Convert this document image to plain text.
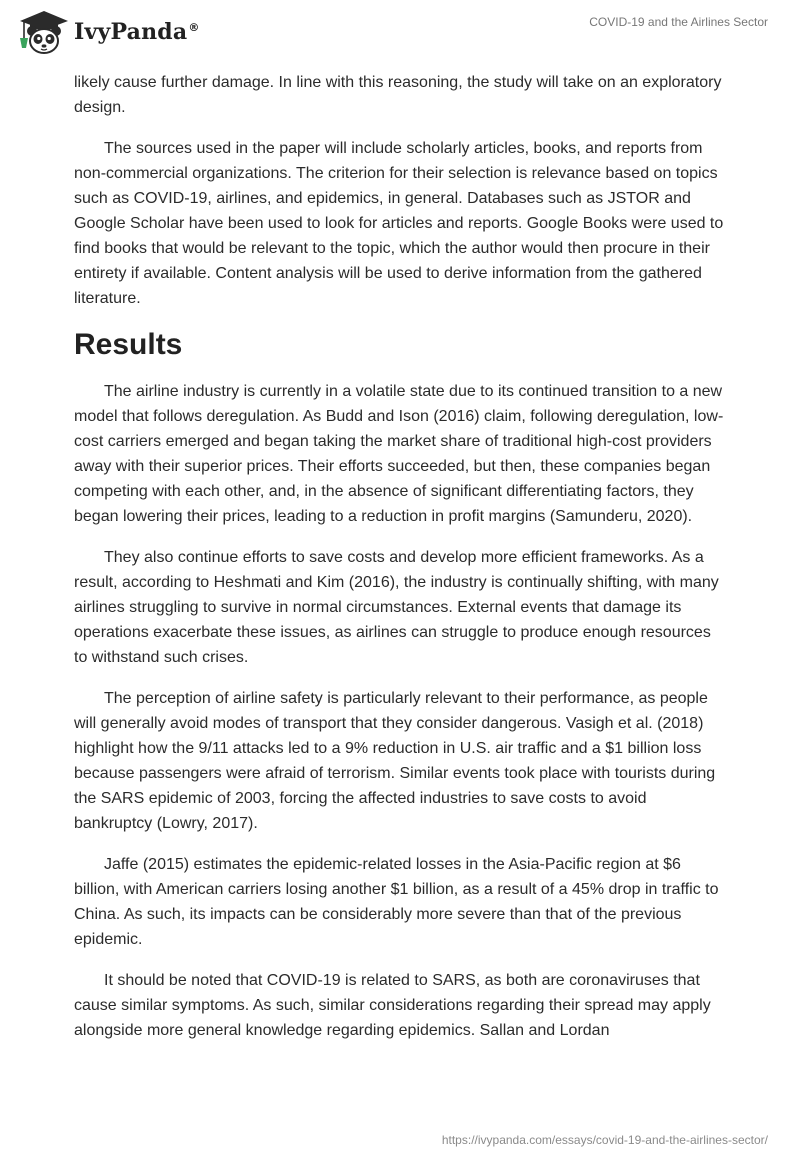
IvyPanda®	COVID-19 and the Airlines Sector

likely cause further damage. In line with this reasoning, the study will take on an exploratory design.

The sources used in the paper will include scholarly articles, books, and reports from non-commercial organizations. The criterion for their selection is relevance based on topics such as COVID-19, airlines, and epidemics, in general. Databases such as JSTOR and Google Scholar have been used to look for articles and reports. Google Books were used to find books that would be relevant to the topic, which the author would then procure in their entirety if available. Content analysis will be used to derive information from the gathered literature.

Results

The airline industry is currently in a volatile state due to its continued transition to a new model that follows deregulation. As Budd and Ison (2016) claim, following deregulation, low-cost carriers emerged and began taking the market share of traditional high-cost providers away with their superior prices. Their efforts succeeded, but then, these companies began competing with each other, and, in the absence of significant differentiating factors, they began lowering their prices, leading to a reduction in profit margins (Samunderu, 2020).

They also continue efforts to save costs and develop more efficient frameworks. As a result, according to Heshmati and Kim (2016), the industry is continually shifting, with many airlines struggling to survive in normal circumstances. External events that damage its operations exacerbate these issues, as airlines can struggle to produce enough resources to withstand such crises.

The perception of airline safety is particularly relevant to their performance, as people will generally avoid modes of transport that they consider dangerous. Vasigh et al. (2018) highlight how the 9/11 attacks led to a 9% reduction in U.S. air traffic and a $1 billion loss because passengers were afraid of terrorism. Similar events took place with tourists during the SARS epidemic of 2003, forcing the affected industries to save costs to avoid bankruptcy (Lowry, 2017).

Jaffe (2015) estimates the epidemic-related losses in the Asia-Pacific region at $6 billion, with American carriers losing another $1 billion, as a result of a 45% drop in traffic to China. As such, its impacts can be considerably more severe than that of the previous epidemic.

It should be noted that COVID-19 is related to SARS, as both are coronaviruses that cause similar symptoms. As such, similar considerations regarding their spread may apply alongside more general knowledge regarding epidemics. Sallan and Lordan

https://ivypanda.com/essays/covid-19-and-the-airlines-sector/
